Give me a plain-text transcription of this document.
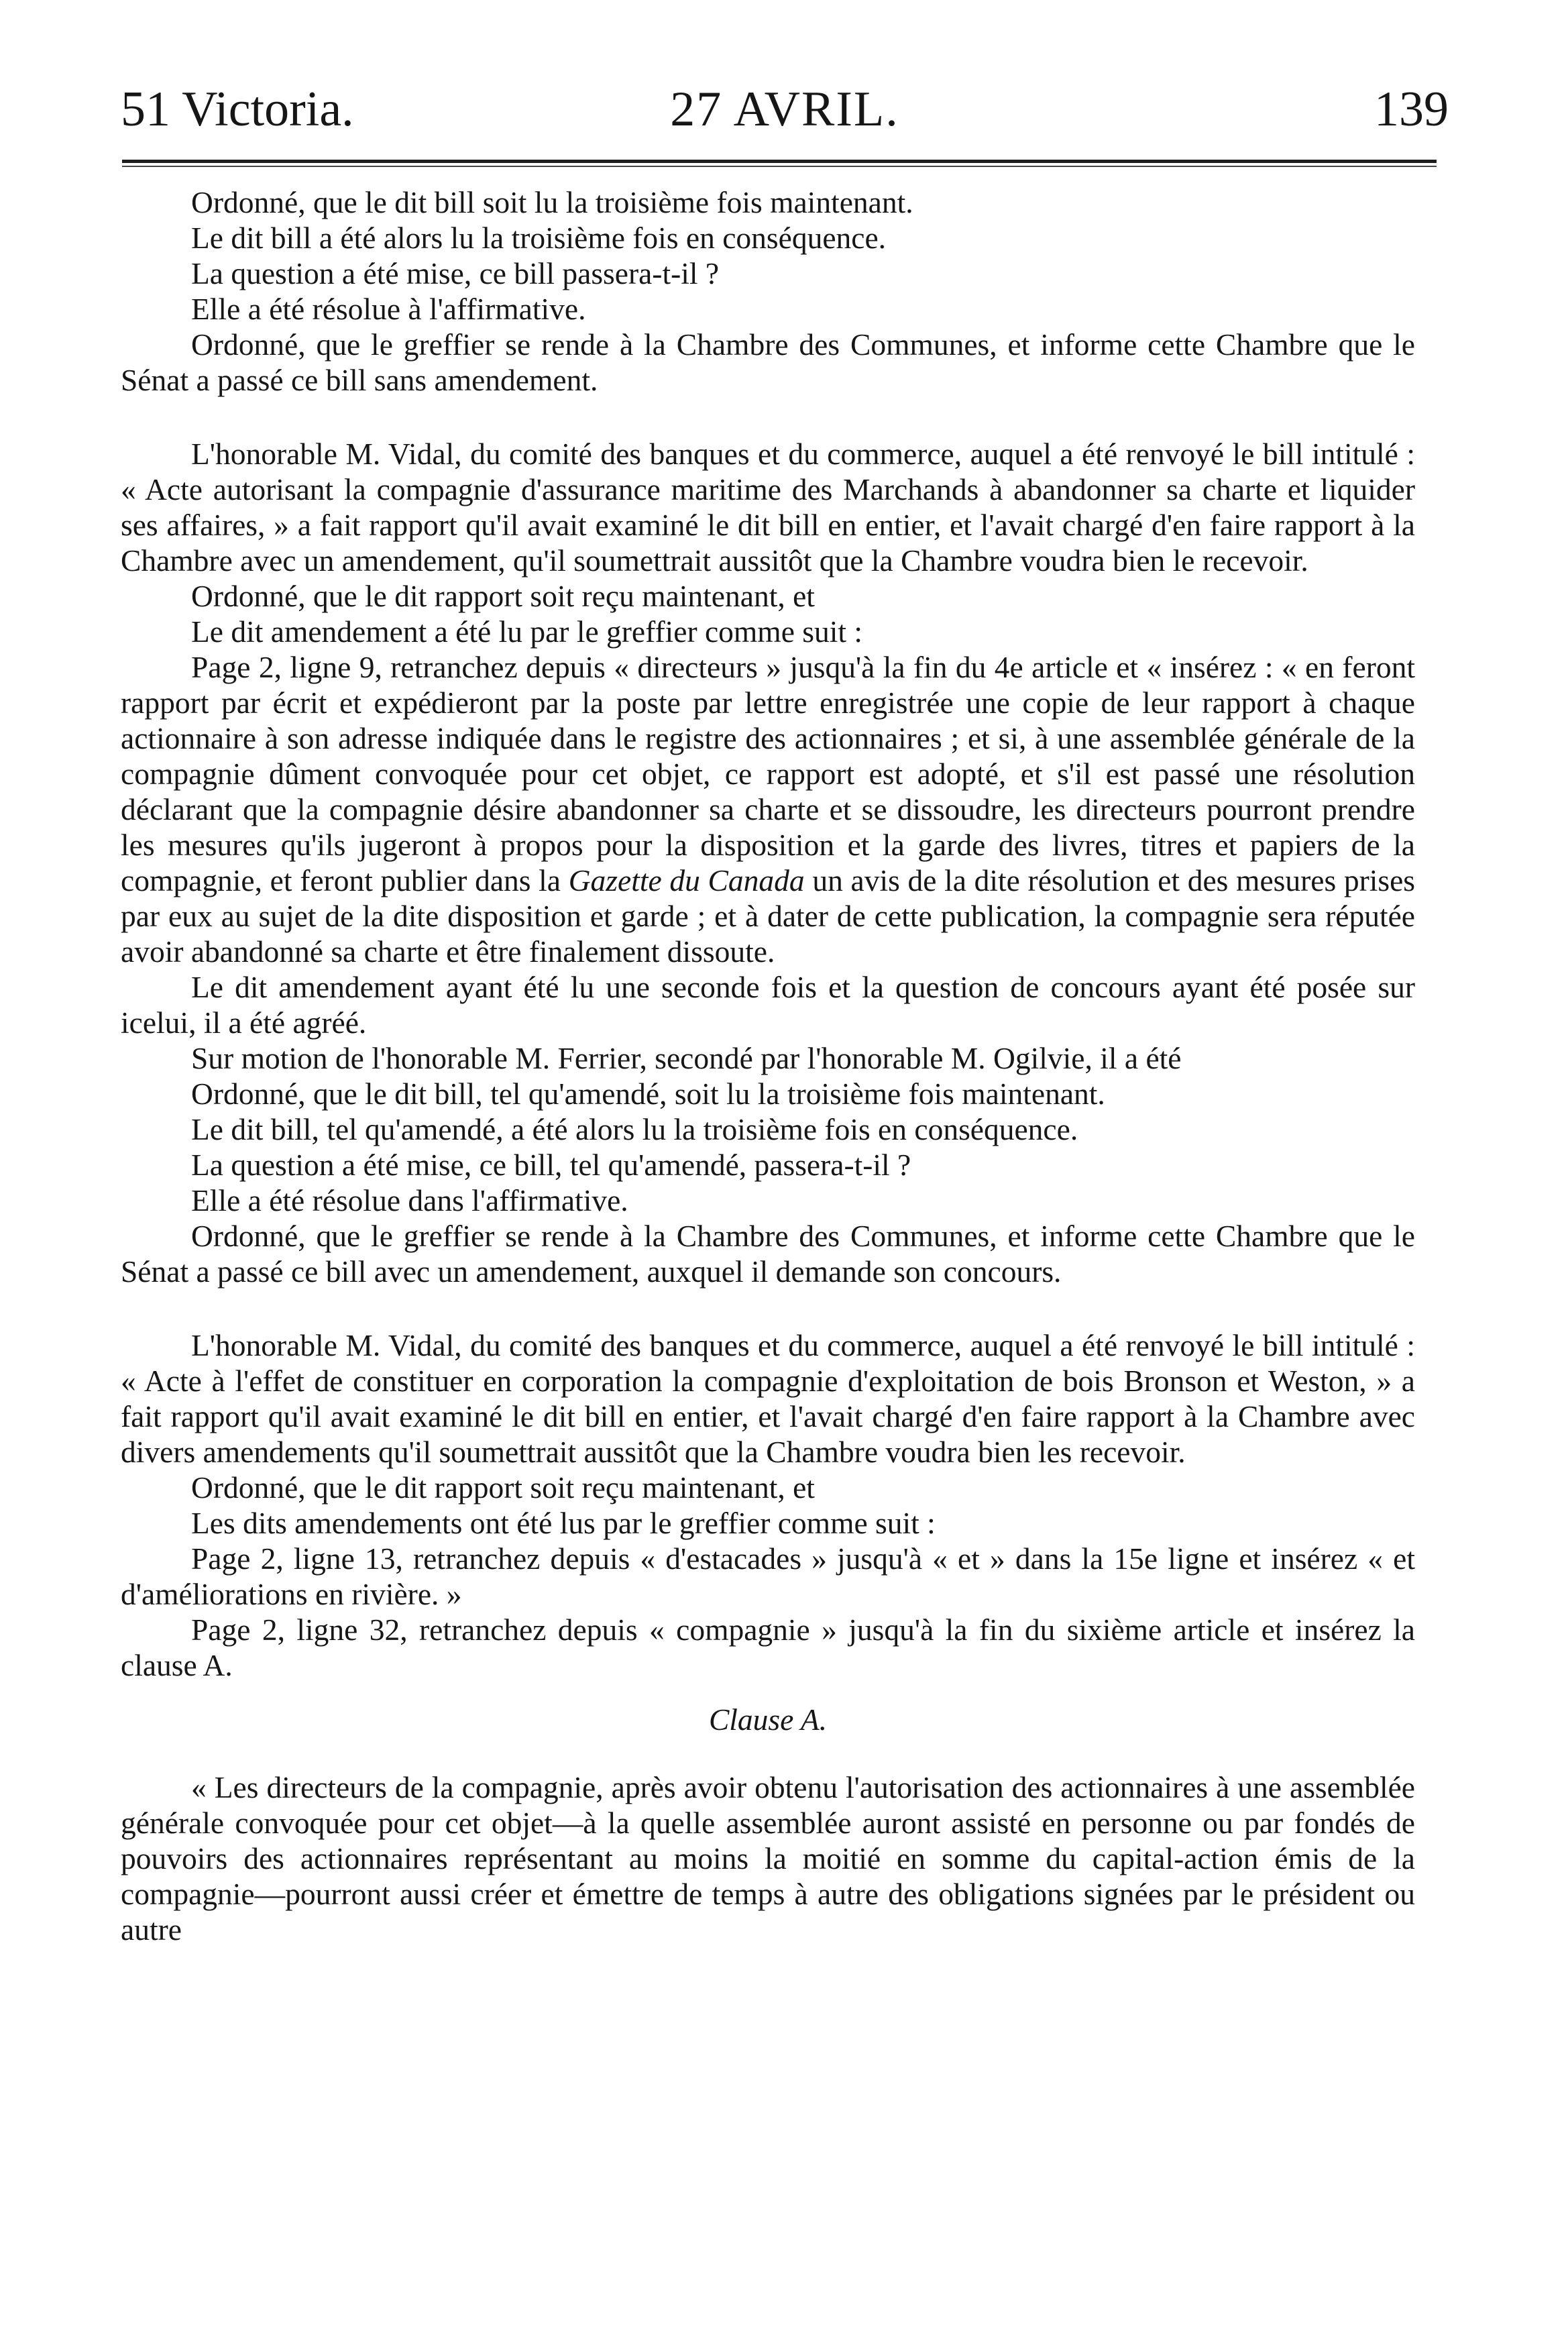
51 Victoria.	27 AVRIL.	139

Ordonné, que le dit bill soit lu la troisième fois maintenant.

Le dit bill a été alors lu la troisième fois en conséquence.

La question a été mise, ce bill passera-t-il ?

Elle a été résolue à l'affirmative.

Ordonné, que le greffier se rende à la Chambre des Communes, et informe cette Chambre que le Sénat a passé ce bill sans amendement.

L'honorable M. Vidal, du comité des banques et du commerce, auquel a été renvoyé le bill intitulé : « Acte autorisant la compagnie d'assurance maritime des Marchands à abandonner sa charte et liquider ses affaires, » a fait rapport qu'il avait examiné le dit bill en entier, et l'avait chargé d'en faire rapport à la Chambre avec un amendement, qu'il soumettrait aussitôt que la Chambre voudra bien le recevoir.

Ordonné, que le dit rapport soit reçu maintenant, et

Le dit amendement a été lu par le greffier comme suit :

Page 2, ligne 9, retranchez depuis « directeurs » jusqu'à la fin du 4e article et « insérez : « en feront rapport par écrit et expédieront par la poste par lettre enregistrée une copie de leur rapport à chaque actionnaire à son adresse indiquée dans le registre des actionnaires ; et si, à une assemblée générale de la compagnie dûment convoquée pour cet objet, ce rapport est adopté, et s'il est passé une résolution déclarant que la compagnie désire abandonner sa charte et se dissoudre, les directeurs pourront prendre les mesures qu'ils jugeront à propos pour la disposition et la garde des livres, titres et papiers de la compagnie, et feront publier dans la Gazette du Canada un avis de la dite résolution et des mesures prises par eux au sujet de la dite disposition et garde ; et à dater de cette publication, la compagnie sera réputée avoir abandonné sa charte et être finalement dissoute.

Le dit amendement ayant été lu une seconde fois et la question de concours ayant été posée sur icelui, il a été agréé.

Sur motion de l'honorable M. Ferrier, secondé par l'honorable M. Ogilvie, il a été

Ordonné, que le dit bill, tel qu'amendé, soit lu la troisième fois maintenant.

Le dit bill, tel qu'amendé, a été alors lu la troisième fois en conséquence.

La question a été mise, ce bill, tel qu'amendé, passera-t-il ?

Elle a été résolue dans l'affirmative.

Ordonné, que le greffier se rende à la Chambre des Communes, et informe cette Chambre que le Sénat a passé ce bill avec un amendement, auxquel il demande son concours.

L'honorable M. Vidal, du comité des banques et du commerce, auquel a été renvoyé le bill intitulé : « Acte à l'effet de constituer en corporation la compagnie d'exploitation de bois Bronson et Weston, » a fait rapport qu'il avait examiné le dit bill en entier, et l'avait chargé d'en faire rapport à la Chambre avec divers amendements qu'il soumettrait aussitôt que la Chambre voudra bien les recevoir.

Ordonné, que le dit rapport soit reçu maintenant, et

Les dits amendements ont été lus par le greffier comme suit :

Page 2, ligne 13, retranchez depuis « d'estacades » jusqu'à « et » dans la 15e ligne et insérez « et d'améliorations en rivière. »

Page 2, ligne 32, retranchez depuis « compagnie » jusqu'à la fin du sixième article et insérez la clause A.

Clause A.

« Les directeurs de la compagnie, après avoir obtenu l'autorisation des actionnaires à une assemblée générale convoquée pour cet objet—à la quelle assemblée auront assisté en personne ou par fondés de pouvoirs des actionnaires représentant au moins la moitié en somme du capital-action émis de la compagnie—pourront aussi créer et émettre de temps à autre des obligations signées par le président ou autre
